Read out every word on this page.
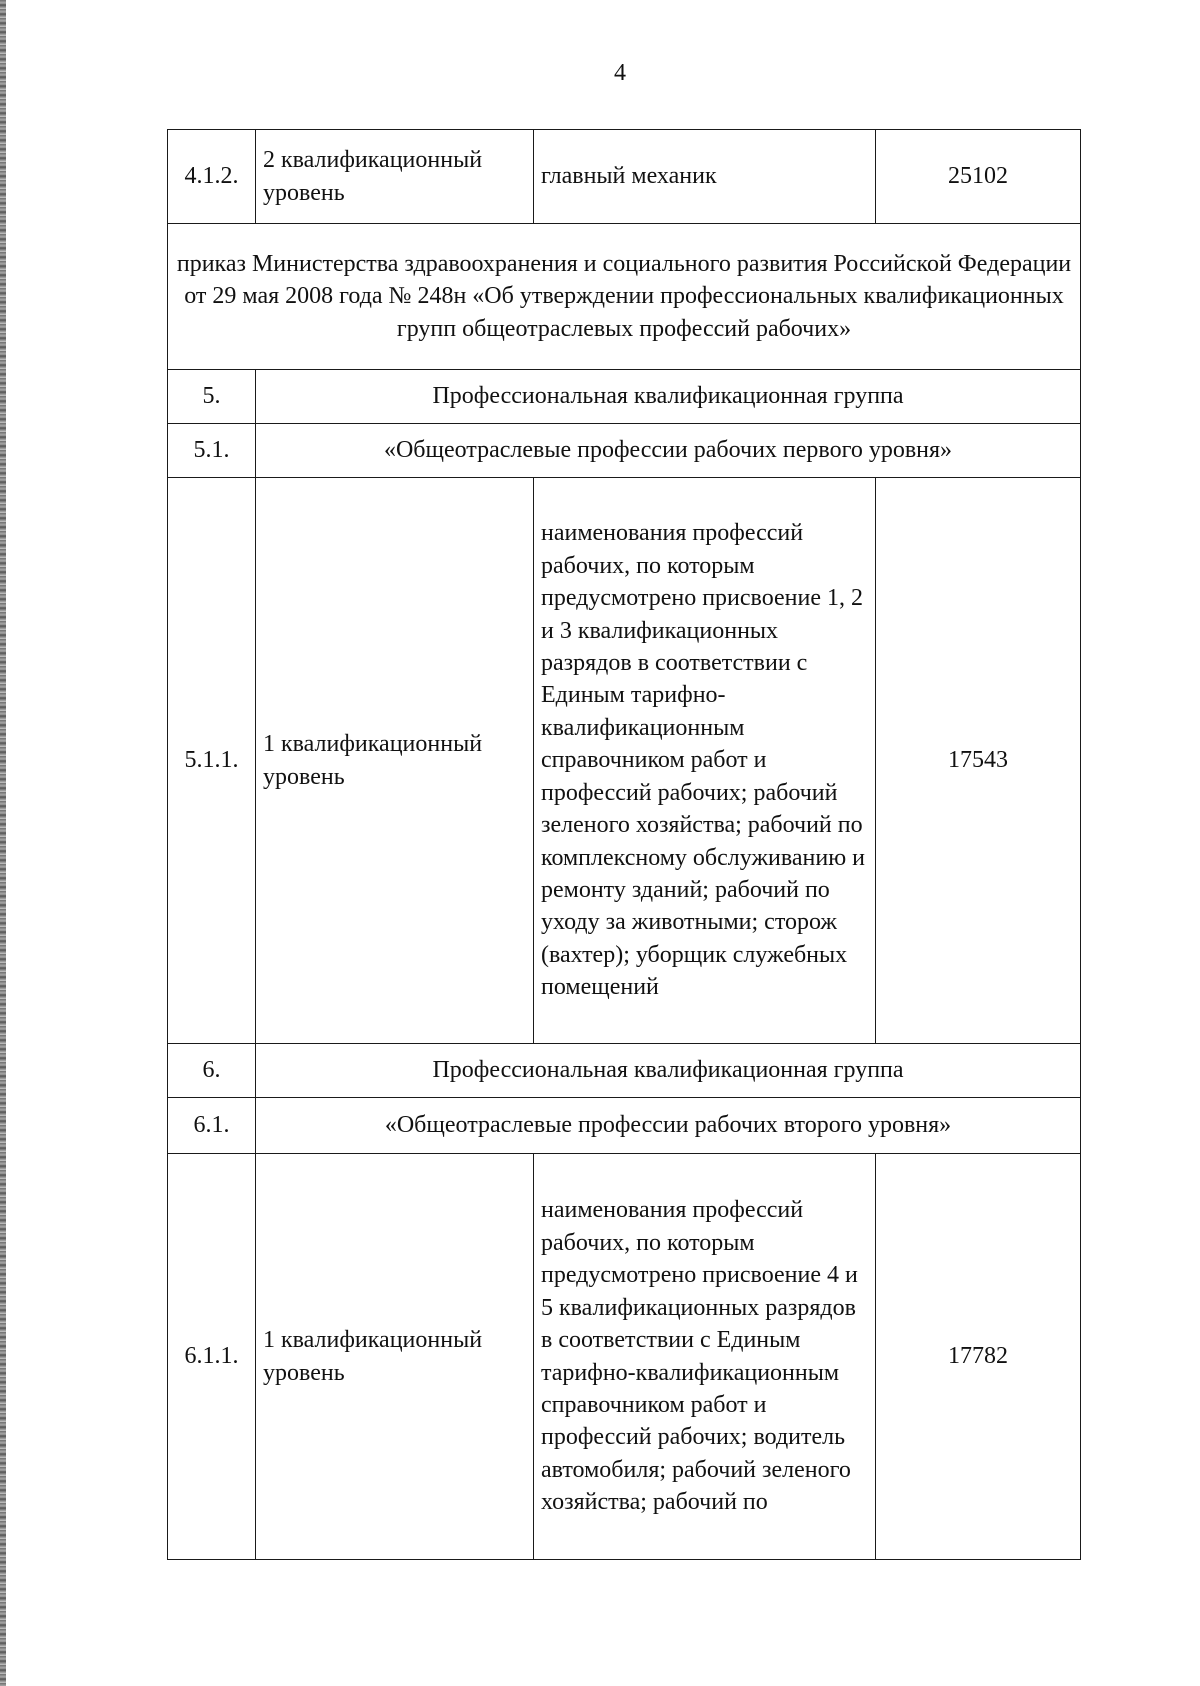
4
4.1.2.	2 квалификационный уровень	главный механик	25102
приказ Министерства здравоохранения и социального развития Российской Федерации от 29 мая 2008 года № 248н «Об утверждении профессиональных квалификационных групп общеотраслевых профессий рабочих»			
5.	Профессиональная квалификационная группа		
5.1.	«Общеотраслевые профессии рабочих первого уровня»		
5.1.1.	1 квалификационный уровень	наименования профессий рабочих, по которым предусмотрено присвоение 1, 2 и 3 квалификационных разрядов в соответствии с Единым тарифно-квалификационным справочником работ и профессий рабочих; рабочий зеленого хозяйства; рабочий по комплексному обслуживанию и ремонту зданий; рабочий по уходу за животными; сторож (вахтер); уборщик служебных помещений	17543
6.	Профессиональная квалификационная группа		
6.1.	«Общеотраслевые профессии рабочих второго уровня»		
6.1.1.	1 квалификационный уровень	наименования профессий рабочих, по которым предусмотрено присвоение 4 и 5 квалификационных разрядов в соответствии с Единым тарифно-квалификационным справочником работ и профессий рабочих; водитель автомобиля; рабочий зеленого хозяйства; рабочий по	17782
